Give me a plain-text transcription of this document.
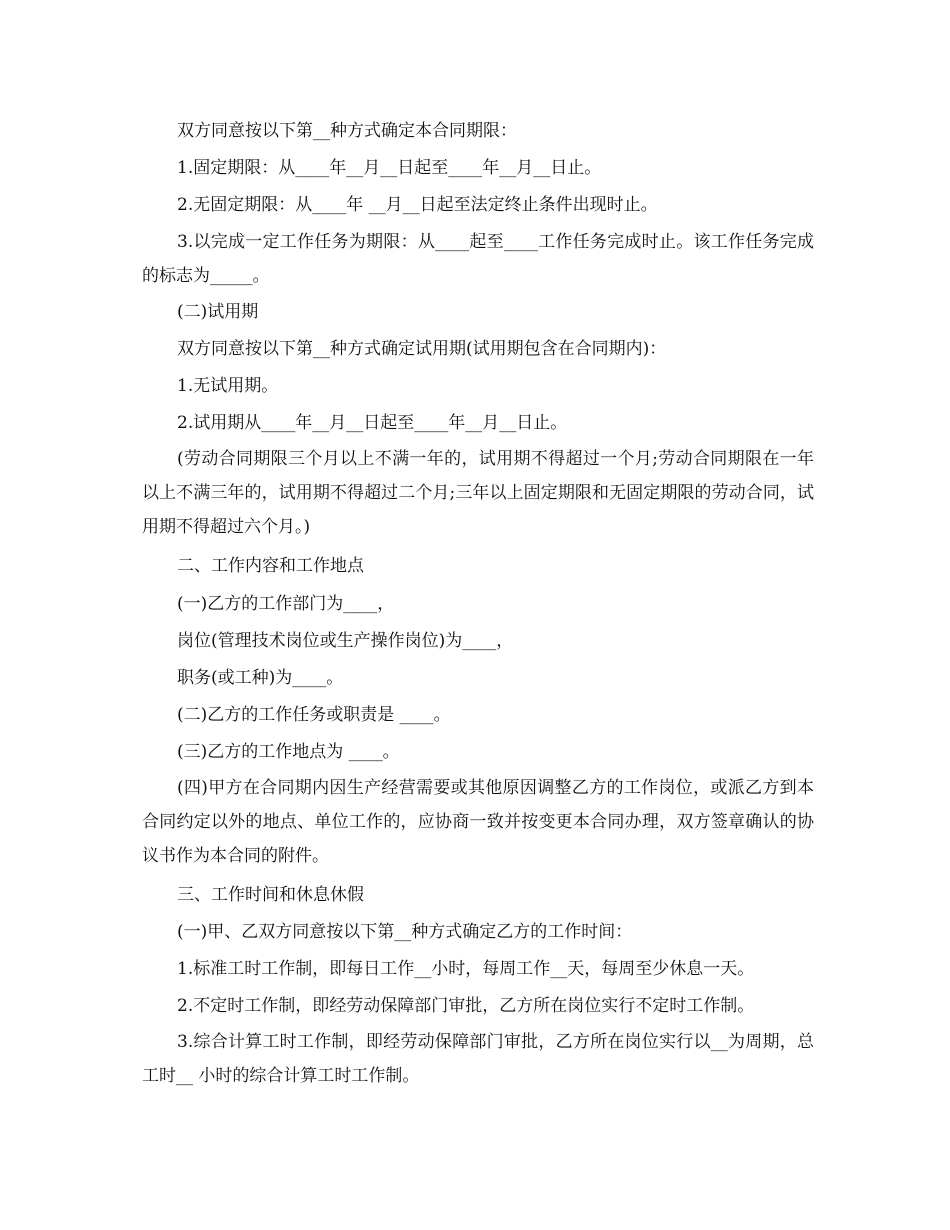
双方同意按以下第__种方式确定本合同期限：

1.固定期限：从____年__月__日起至____年__月__日止。

2.无固定期限：从____年 __月__日起至法定终止条件出现时止。

3.以完成一定工作任务为期限：从____起至____工作任务完成时止。该工作任务完成的标志为_____。

(二)试用期

双方同意按以下第__种方式确定试用期(试用期包含在合同期内)：

1.无试用期。

2.试用期从____年__月__日起至____年__月__日止。

(劳动合同期限三个月以上不满一年的，试用期不得超过一个月;劳动合同期限在一年以上不满三年的，试用期不得超过二个月;三年以上固定期限和无固定期限的劳动合同，试用期不得超过六个月。)

二、工作内容和工作地点

(一)乙方的工作部门为____，

岗位(管理技术岗位或生产操作岗位)为____，

职务(或工种)为____。

(二)乙方的工作任务或职责是 ____。

(三)乙方的工作地点为 ____。

(四)甲方在合同期内因生产经营需要或其他原因调整乙方的工作岗位，或派乙方到本合同约定以外的地点、单位工作的，应协商一致并按变更本合同办理，双方签章确认的协议书作为本合同的附件。

三、工作时间和休息休假

(一)甲、乙双方同意按以下第__种方式确定乙方的工作时间：

1.标准工时工作制，即每日工作__小时，每周工作__天，每周至少休息一天。

2.不定时工作制，即经劳动保障部门审批，乙方所在岗位实行不定时工作制。

3.综合计算工时工作制，即经劳动保障部门审批，乙方所在岗位实行以__为周期，总工时__ 小时的综合计算工时工作制。
